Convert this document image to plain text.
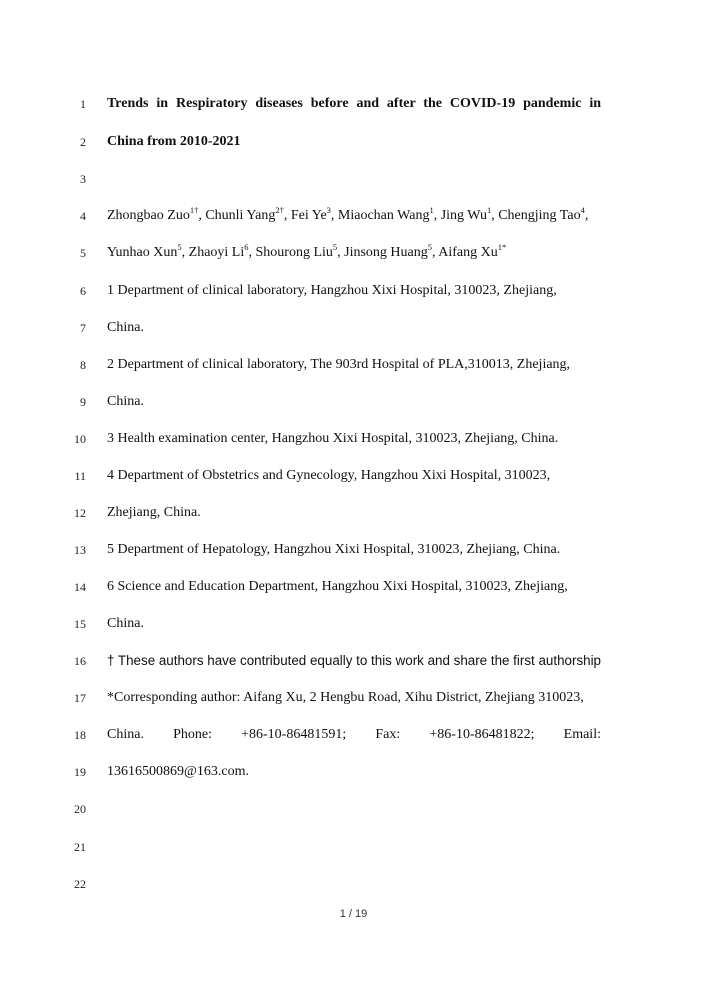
1 Trends in Respiratory diseases before and after the COVID-19 pandemic in
2 China from 2010-2021
3
4 Zhongbao Zuo$^{1\dagger}$, Chunli Yang$^{2\dagger}$, Fei Ye$^3$, Miaochan Wang$^1$, Jing Wu$^1$, Chengjing Tao$^4$,
5 Yunhao Xun$^5$, Zhaoyi Li$^6$, Shourong Liu$^5$, Jinsong Huang$^5$, Aifang $Xu^{1*}$
6 1 Department of clinical laboratory, Hangzhou Xixi Hospital, 310023, Zhejiang,
7 China.
8 2 Department of clinical laboratory, The 903rd Hospital of PLA,310013, Zhejiang,
9 China.
10 3 Health examination center, Hangzhou Xixi Hospital, 310023, Zhejiang, China.
11 4 Department of Obstetrics and Gynecology, Hangzhou Xixi Hospital, 310023,
12 Zhejiang, China.
13 5 Department of Hepatology, Hangzhou Xixi Hospital, 310023, Zhejiang, China.
14 6 Science and Education Department, Hangzhou Xixi Hospital, 310023, Zhejiang,
15 China.
16 † These authors have contributed equally to this work and share the first authorship
17 *Corresponding author: Aifang Xu, 2 Hengbu Road, Xihu District, Zhejiang 310023,
18 China. Phone: +86-10-86481591; Fax: +86-10-86481822; Email:
19 13616500869@163.com.
20
21
22
1 / 19
